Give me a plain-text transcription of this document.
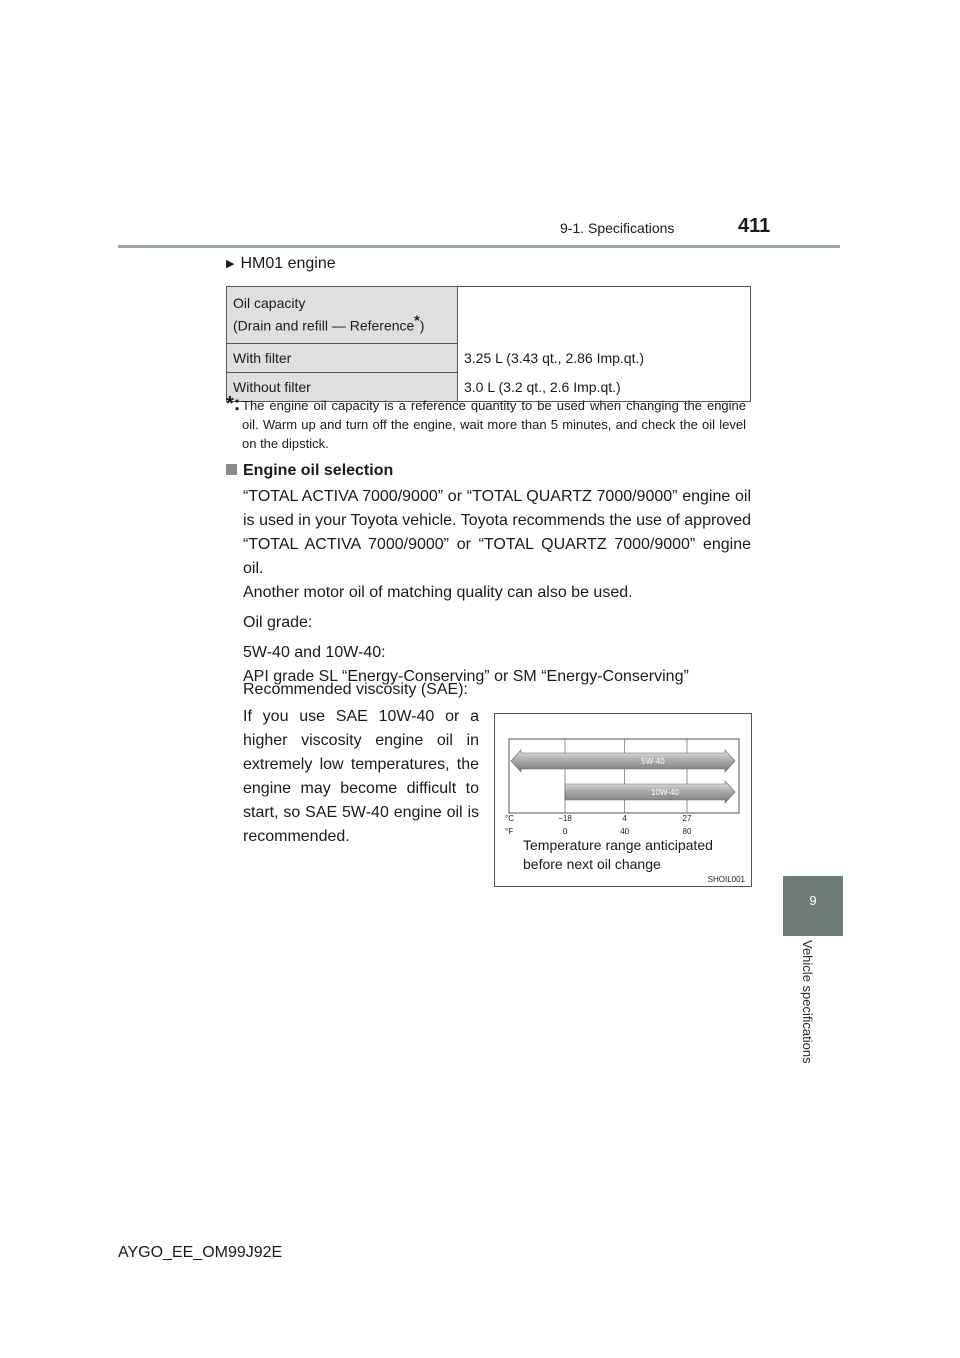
9-1. Specifications	411
9
Vehicle specifications
▶ HM01 engine
Oil capacity
(Drain and refill — Reference*)	
With filter	3.25 L (3.43 qt., 2.86 Imp.qt.)
Without filter	3.0 L (3.2 qt., 2.6 Imp.qt.)
*: The engine oil capacity is a reference quantity to be used when changing the engine oil. Warm up and turn off the engine, wait more than 5 minutes, and check the oil level on the dipstick.
Engine oil selection
“TOTAL ACTIVA 7000/9000” or “TOTAL QUARTZ 7000/9000” engine oil is used in your Toyota vehicle. Toyota recommends the use of approved “TOTAL ACTIVA 7000/9000” or “TOTAL QUARTZ 7000/9000” engine oil.
Another motor oil of matching quality can also be used.
Oil grade:
5W-40 and 10W-40:
API grade SL “Energy-Conserving” or SM “Energy-Conserving”
Recommended viscosity (SAE):
If you use SAE 10W-40 or a higher viscosity engine oil in extremely low temperatures, the engine may become difficult to start, so SAE 5W-40 engine oil is recommended.
5W-40
10W-40
°C
°F
−18	4	27
0	40	80
Temperature range anticipated
before next oil change
SHOIL001
AYGO_EE_OM99J92E
